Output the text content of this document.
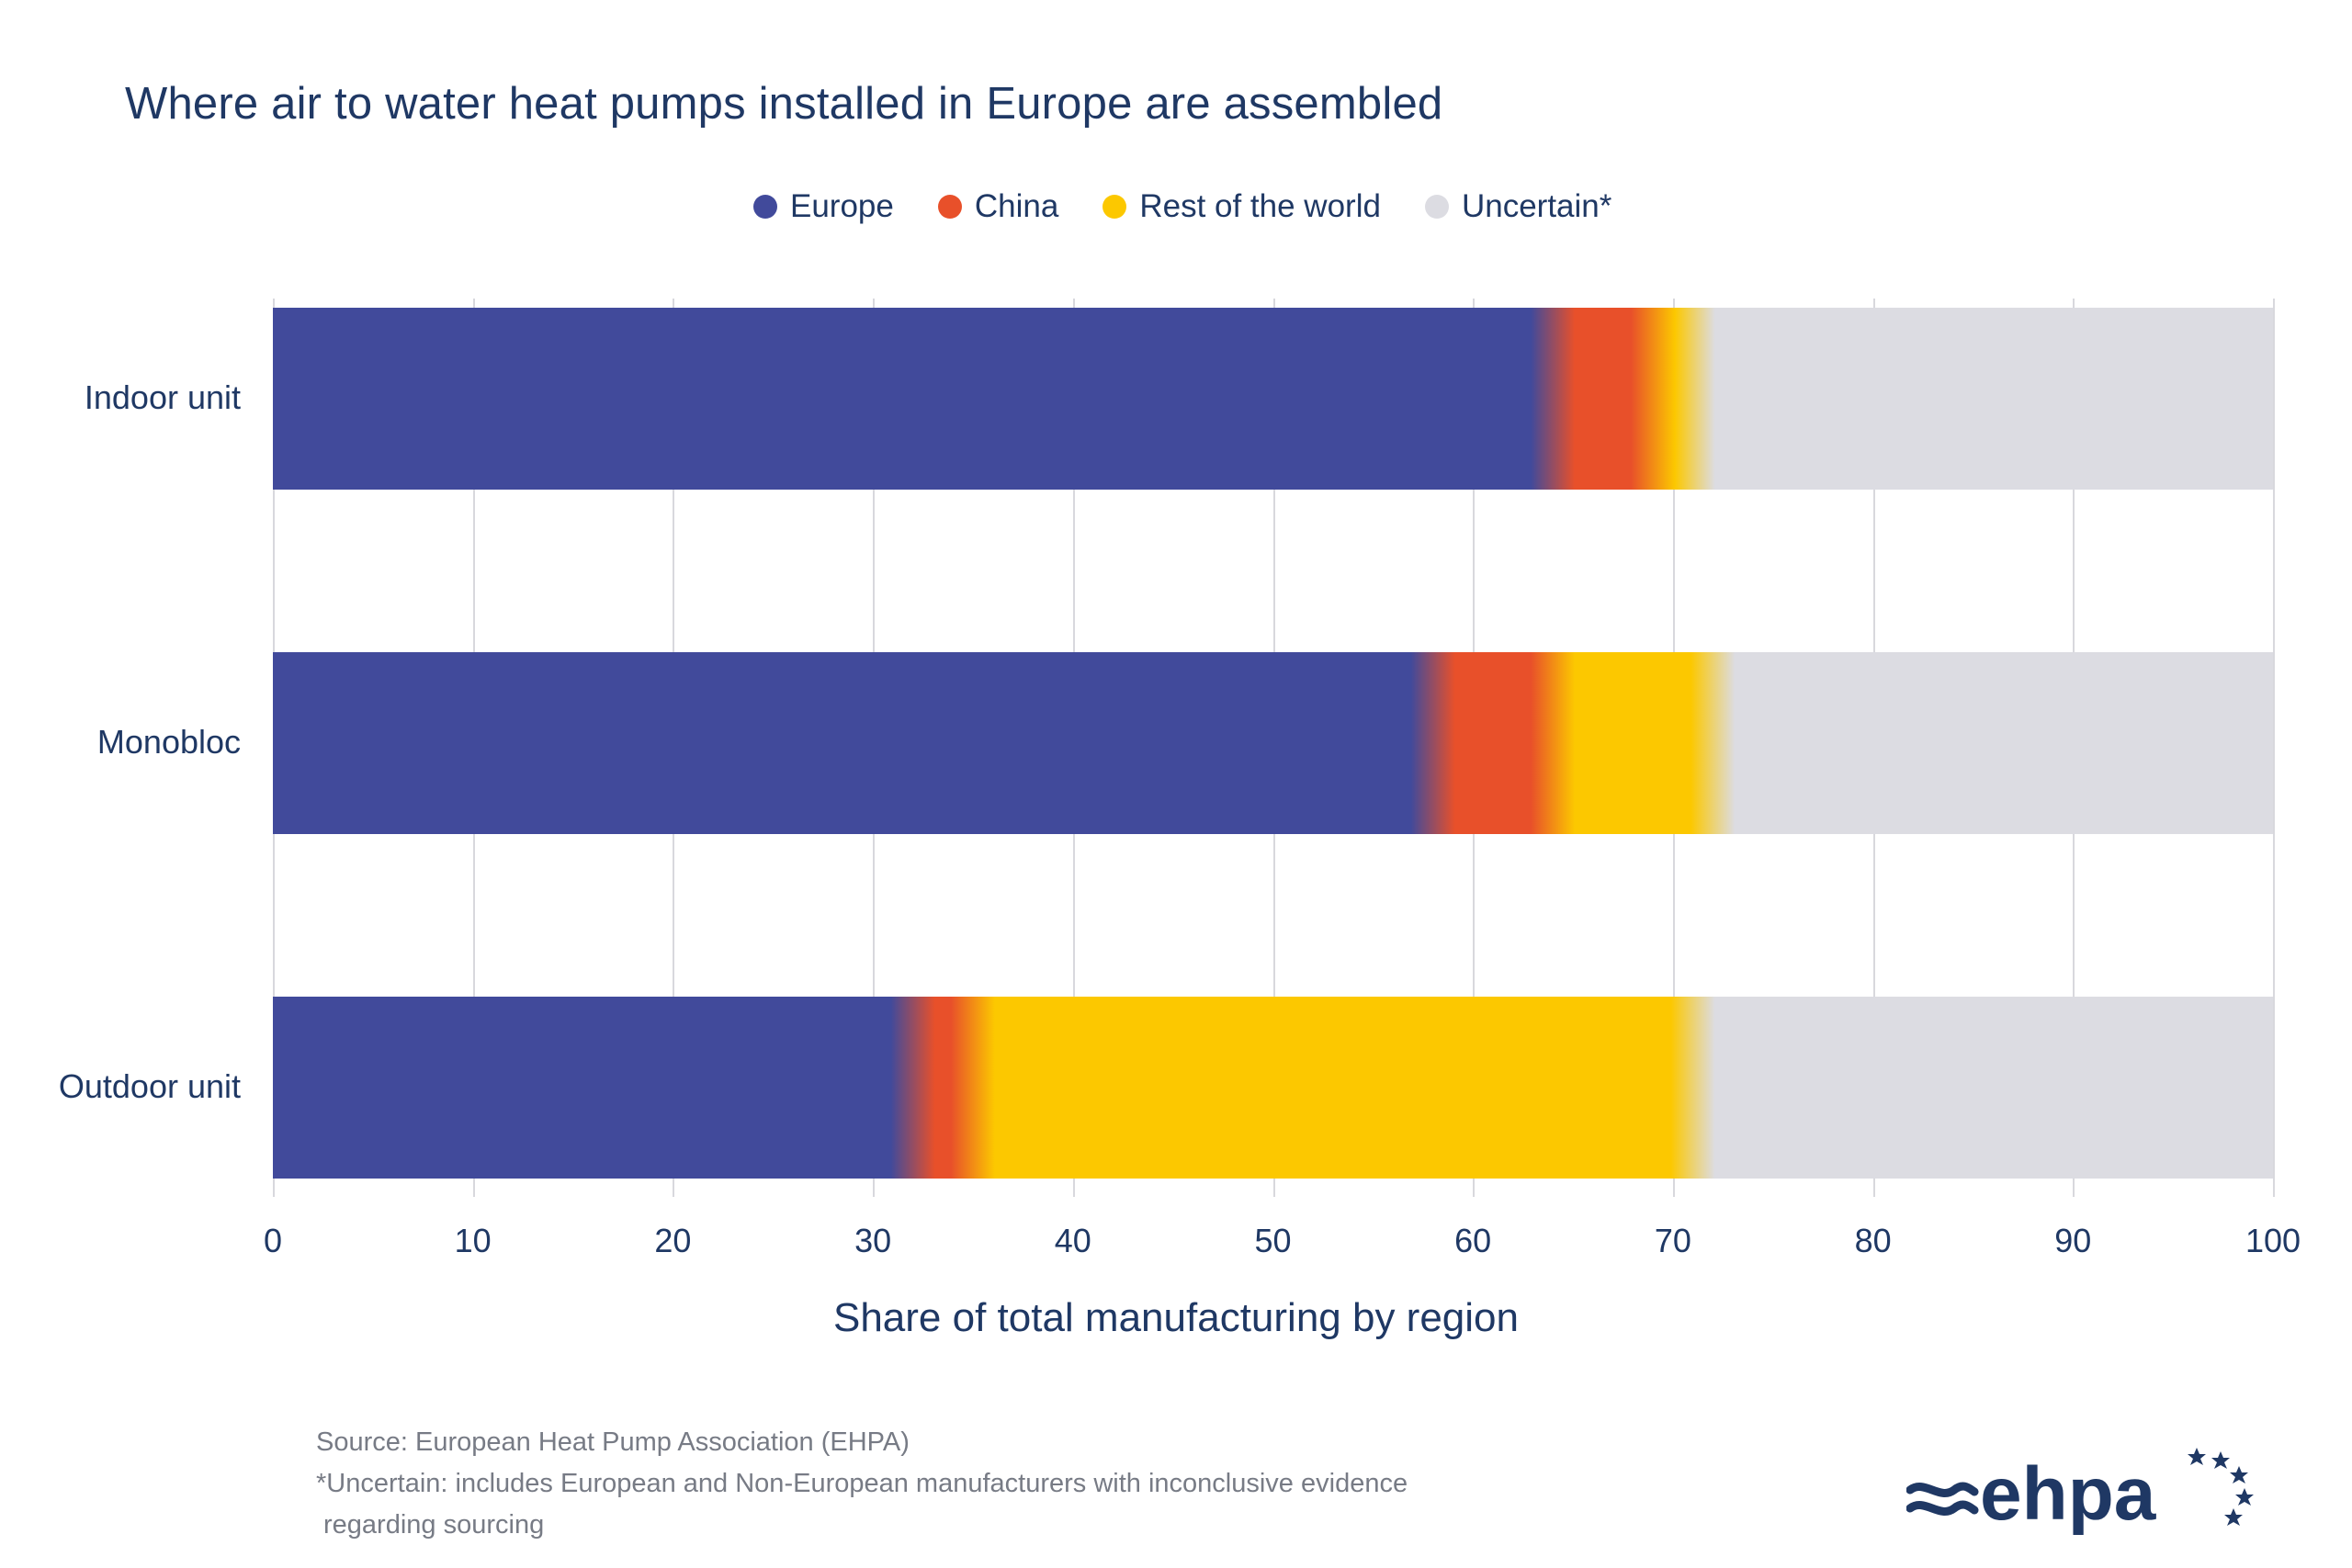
Where air to water heat pumps installed in Europe are assembled
Europe	China	Rest of the world	Uncertain*
Indoor unit
Monobloc
Outdoor unit
0	10	20	30	40	50	60	70	80	90	100
Share of total manufacturing by region
Source: European Heat Pump Association (EHPA)
*Uncertain: includes European and Non-European manufacturers with inconclusive evidence
regarding sourcing	ehpa
